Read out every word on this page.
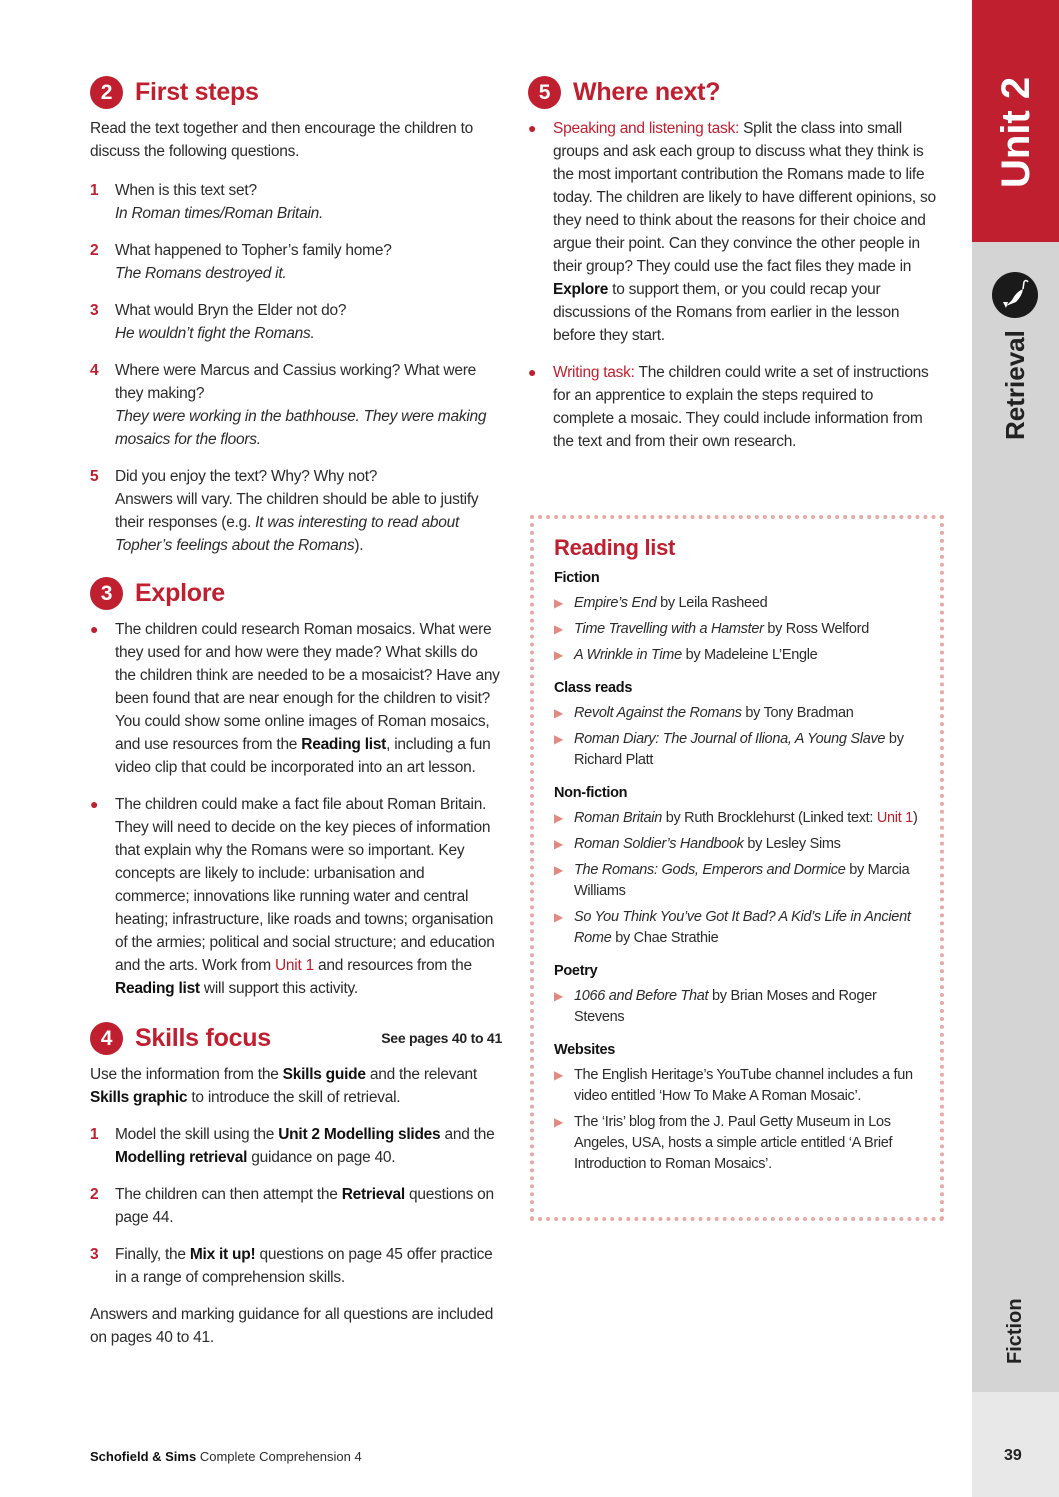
2 First steps

Read the text together and then encourage the children to discuss the following questions.

1	When is this text set?
In Roman times/Roman Britain.
2	What happened to Topher’s family home?
The Romans destroyed it.
3	What would Bryn the Elder not do?
He wouldn’t fight the Romans.
4	Where were Marcus and Cassius working? What were they making?
They were working in the bathhouse. They were making mosaics for the floors.
5	Did you enjoy the text? Why? Why not?
Answers will vary. The children should be able to justify their responses (e.g. It was interesting to read about Topher’s feelings about the Romans).
3 Explore
●	The children could research Roman mosaics. What were they used for and how were they made? What skills do the children think are needed to be a mosaicist? Have any been found that are near enough for the children to visit? You could show some online images of Roman mosaics, and use resources from the Reading list, including a fun video clip that could be incorporated into an art lesson.
●	The children could make a fact file about Roman Britain. They will need to decide on the key pieces of information that explain why the Romans were so important. Key concepts are likely to include: urbanisation and commerce; innovations like running water and central heating; infrastructure, like roads and towns; organisation of the armies; political and social structure; and education and the arts. Work from Unit 1 and resources from the Reading list will support this activity.
4 Skills focus	See pages 40 to 41

Use the information from the Skills guide and the relevant Skills graphic to introduce the skill of retrieval.

1	Model the skill using the Unit 2 Modelling slides and the Modelling retrieval guidance on page 40.
2	The children can then attempt the Retrieval questions on page 44.
3	Finally, the Mix it up! questions on page 45 offer practice in a range of comprehension skills.

Answers and marking guidance for all questions are included on pages 40 to 41.

5 Where next?
●	Speaking and listening task: Split the class into small groups and ask each group to discuss what they think is the most important contribution the Romans made to life today. The children are likely to have different opinions, so they need to think about the reasons for their choice and argue their point. Can they convince the other people in their group? They could use the fact files they made in Explore to support them, or you could recap your discussions of the Romans from earlier in the lesson before they start.
●	Writing task: The children could write a set of instructions for an apprentice to explain the steps required to complete a mosaic. They could include information from the text and from their own research.
Reading list
Fiction
▶ Empire’s End by Leila Rasheed
▶ Time Travelling with a Hamster by Ross Welford
▶ A Wrinkle in Time by Madeleine L’Engle
Class reads
▶ Revolt Against the Romans by Tony Bradman
▶ Roman Diary: The Journal of Iliona, A Young Slave by Richard Platt
Non-fiction
▶ Roman Britain by Ruth Brocklehurst (Linked text: Unit 1)
▶ Roman Soldier’s Handbook by Lesley Sims
▶ The Romans: Gods, Emperors and Dormice by Marcia Williams
▶ So You Think You’ve Got It Bad? A Kid’s Life in Ancient Rome by Chae Strathie
Poetry
▶ 1066 and Before That by Brian Moses and Roger Stevens
Websites
▶ The English Heritage’s YouTube channel includes a fun video entitled ‘How To Make A Roman Mosaic’.
▶ The ‘Iris’ blog from the J. Paul Getty Museum in Los Angeles, USA, hosts a simple article entitled ‘A Brief Introduction to Roman Mosaics’.
Unit 2
Retrieval
Fiction
39
Schofield & Sims Complete Comprehension 4
